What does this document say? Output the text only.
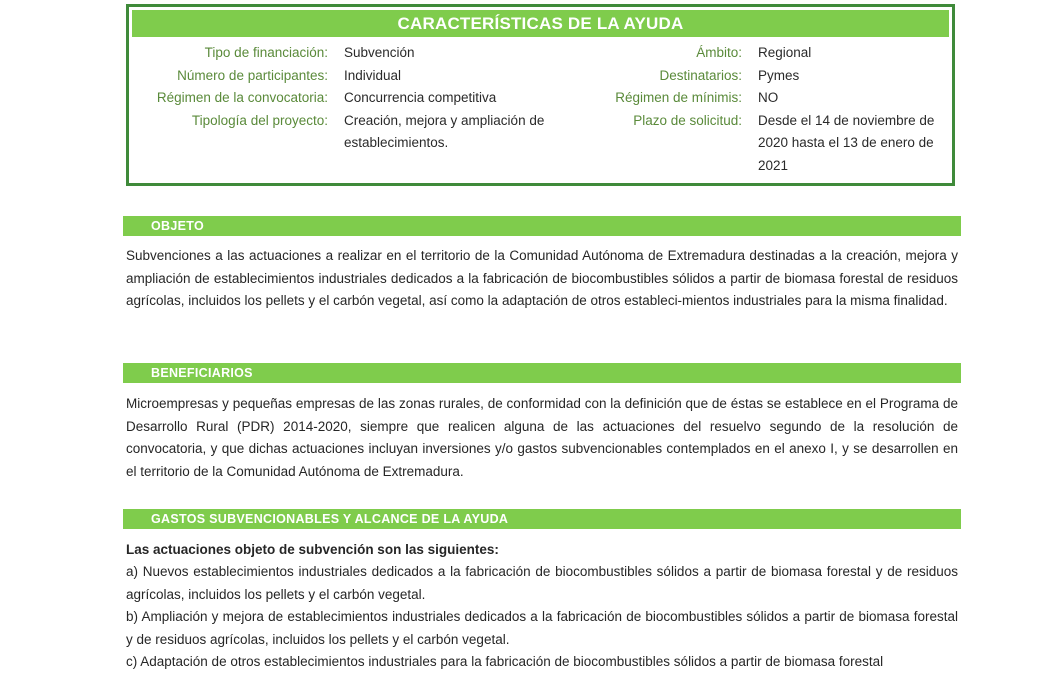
CARACTERÍSTICAS DE LA AYUDA
Tipo de financiación:	Subvención
Número de participantes:	Individual
Régimen de la convocatoria:	Concurrencia competitiva
Tipología del proyecto:	Creación, mejora y ampliación de establecimientos.
Ámbito:	Regional
Destinatarios:	Pymes
Régimen de mínimis:	NO
Plazo de solicitud:	Desde el 14 de noviembre de 2020 hasta el 13 de enero de 2021
OBJETO

Subvenciones a las actuaciones a realizar en el territorio de la Comunidad Autónoma de Extremadura destinadas a la creación, mejora y ampliación de establecimientos industriales dedicados a la fabricación de biocombustibles sólidos a partir de biomasa forestal de residuos agrícolas, incluidos los pellets y el carbón vegetal, así como la adaptación de otros estableci-mientos industriales para la misma finalidad.

BENEFICIARIOS

Microempresas y pequeñas empresas de las zonas rurales, de conformidad con la definición que de éstas se establece en el Programa de Desarrollo Rural (PDR) 2014-2020, siempre que realicen alguna de las actuaciones del resuelvo segundo de la resolución de convocatoria, y que dichas actuaciones incluyan inversiones y/o gastos subvencionables contemplados en el anexo I, y se desarrollen en el territorio de la Comunidad Autónoma de Extremadura.

GASTOS SUBVENCIONABLES Y ALCANCE DE LA AYUDA

Las actuaciones objeto de subvención son las siguientes:

a) Nuevos establecimientos industriales dedicados a la fabricación de biocombustibles sólidos a partir de biomasa forestal y de residuos agrícolas, incluidos los pellets y el carbón vegetal.

b) Ampliación y mejora de establecimientos industriales dedicados a la fabricación de biocombustibles sólidos a partir de biomasa forestal y de residuos agrícolas, incluidos los pellets y el carbón vegetal.

c) Adaptación de otros establecimientos industriales para la fabricación de biocombustibles sólidos a partir de biomasa forestal
